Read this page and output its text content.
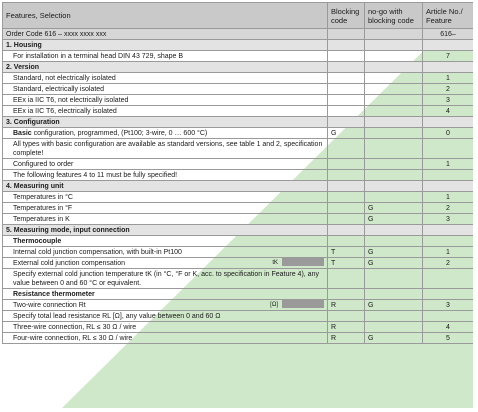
Features, Selection	Blocking code	no-go with blocking code	Article No./ Feature
Order Code 616 – xxxx xxxx xxx			616–
1. Housing			
For installation in a terminal head DIN 43 729, shape B			7
2. Version			
Standard, not electrically isolated			1
Standard, electrically isolated			2
EEx ia IIC T6, not electrically isolated			3
EEx ia IIC T6, electrically isolated			4
3. Configuration			
Basic configuration, programmed, (Pt100; 3-wire, 0 … 600 °C)	G		0
All types with basic configuration are available as standard versions, see table 1 and 2, specification complete!			
Configured to order			1
The following features 4 to 11 must be fully specified!			
4. Measuring unit			
Temperatures in °C			1
Temperatures in °F		G	2
Temperatures in K		G	3
5. Measuring mode, input connection			
Thermocouple			
Internal cold junction compensation, with built-in Pt100	T	G	1

External cold junction compensation tK	T	G	2
Specify external cold junction temperature tK (in °C, °F or K, acc. to specification in Feature 4), any value between 0 and 60 °C or equivalent.			
Resistance thermometer			

Two-wire connection Rt [Ω]	R	G	3
Specify total lead resistance RL [Ω], any value between 0 and 60 Ω			
Three-wire connection, RL ≤ 30 Ω / wire	R		4
Four-wire connection, RL ≤ 30 Ω / wire	R	G	5
